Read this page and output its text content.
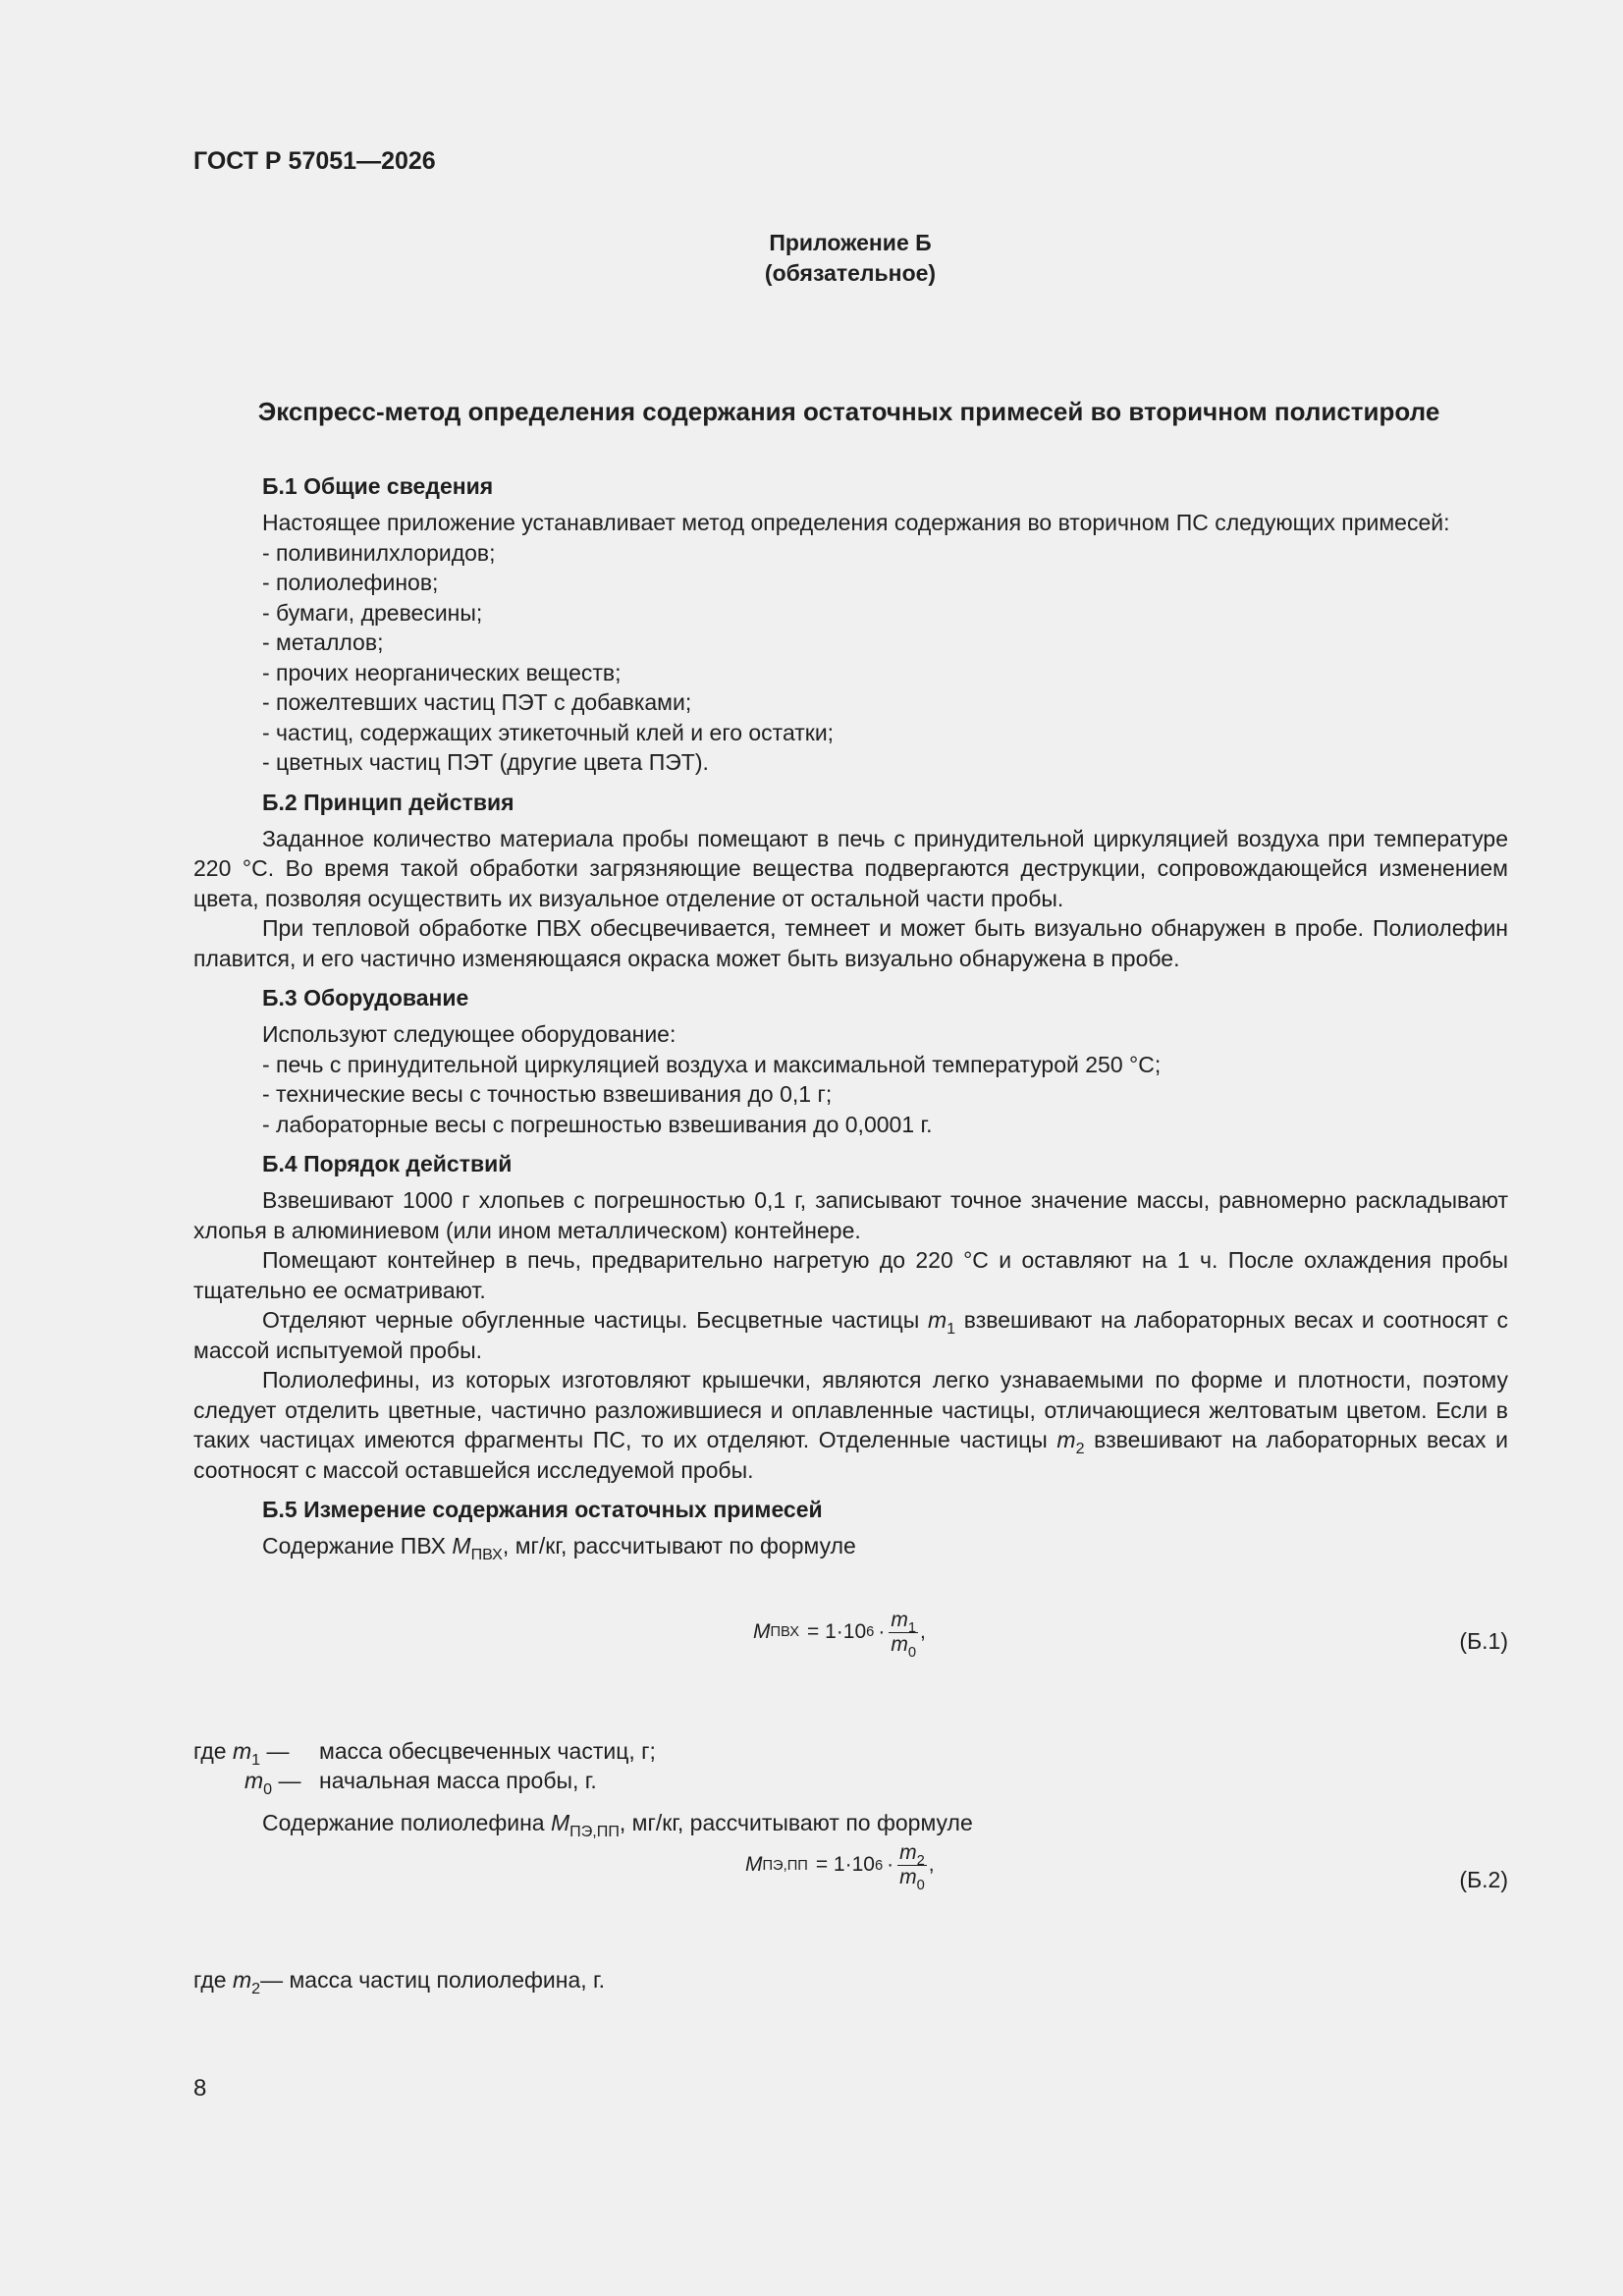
ГОСТ Р 57051—2026

Приложение Б
(обязательное)
Экспресс-метод определения содержания остаточных примесей во вторичном полистироле
Б.1 Общие сведения

Настоящее приложение устанавливает метод определения содержания во вторичном ПС следующих примесей:

- поливинилхлоридов;
- полиолефинов;
- бумаги, древесины;
- металлов;
- прочих неорганических веществ;
- пожелтевших частиц ПЭТ с добавками;
- частиц, содержащих этикеточный клей и его остатки;
- цветных частиц ПЭТ (другие цвета ПЭТ).
Б.2 Принцип действия

Заданное количество материала пробы помещают в печь с принудительной циркуляцией воздуха при температуре 220 °C. Во время такой обработки загрязняющие вещества подвергаются деструкции, сопровождающейся изменением цвета, позволяя осуществить их визуальное отделение от остальной части пробы.

При тепловой обработке ПВХ обесцвечивается, темнеет и может быть визуально обнаружен в пробе. Полиолефин плавится, и его частично изменяющаяся окраска может быть визуально обнаружена в пробе.

Б.3 Оборудование
Используют следующее оборудование:
- печь с принудительной циркуляцией воздуха и максимальной температурой 250 °C;
- технические весы с точностью взвешивания до 0,1 г;
- лабораторные весы с погрешностью взвешивания до 0,0001 г.
Б.4 Порядок действий

Взвешивают 1000 г хлопьев с погрешностью 0,1 г, записывают точное значение массы, равномерно раскладывают хлопья в алюминиевом (или ином металлическом) контейнере.

Помещают контейнер в печь, предварительно нагретую до 220 °C и оставляют на 1 ч. После охлаждения пробы тщательно ее осматривают.

Отделяют черные обугленные частицы. Бесцветные частицы $m_1$ взвешивают на лабораторных весах и соотносят с массой испытуемой пробы.

Полиолефины, из которых изготовляют крышечки, являются легко узнаваемыми по форме и плотности, поэтому следует отделить цветные, частично разложившиеся и оплавленные частицы, отличающиеся желтоватым цветом. Если в таких частицах имеются фрагменты ПС, то их отделяют. Отделенные частицы $m_2$ взвешивают на лабораторных весах и соотносят с массой оставшейся исследуемой пробы.

Б.5 Измерение содержания остаточных примесей

Содержание ПВХ $M_{ПВХ}$, мг/кг, рассчитывают по формуле

M ПВХ = 1·10 $6 \cdot \frac{m_1}{m_0}$ ,	(Б.1)
где $m_1$ — масса обесцвеченных частиц, г;
$m_0$ — начальная масса пробы, г.

Содержание полиолефина $M_{ПЭ,ПП}$, мг/кг, рассчитывают по формуле

M ПЭ,ПП = 1·10 $6 \cdot \frac{m_2}{m_0}$ ,
(Б.2)

где $m_2—$ масса частиц полиолефина, г.

8
